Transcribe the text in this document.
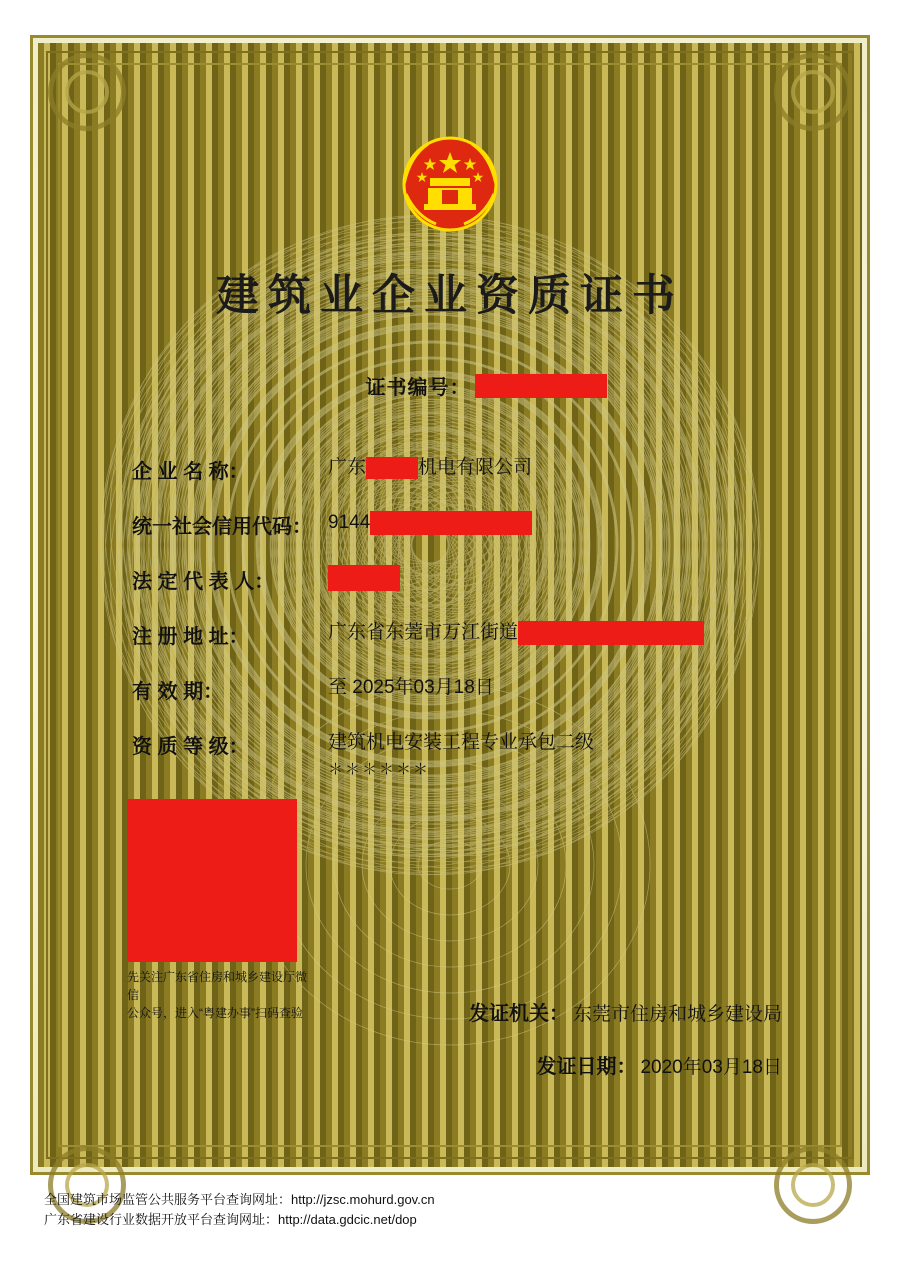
建筑业企业资质证书
证书编号：
企 业 名 称：	广东	机电有限公司
统一社会信用代码： 9144
法 定 代 表 人：
注 册 地 址：	广东省东莞市万江街道
有 效 期：	至 2025年03月18日
资 质 等 级：	建筑机电安装工程专业承包二级
＊＊＊＊＊＊
先关注广东省住房和城乡建设厅微信
公众号，进入“粤建办事”扫码查验	发证机关： 东莞市住房和城乡建设局
发证日期： 2020年03月18日
全国建筑市场监管公共服务平台查询网址：http://jzsc.mohurd.gov.cn
广东省建设行业数据开放平台查询网址：http://data.gdcic.net/dop
